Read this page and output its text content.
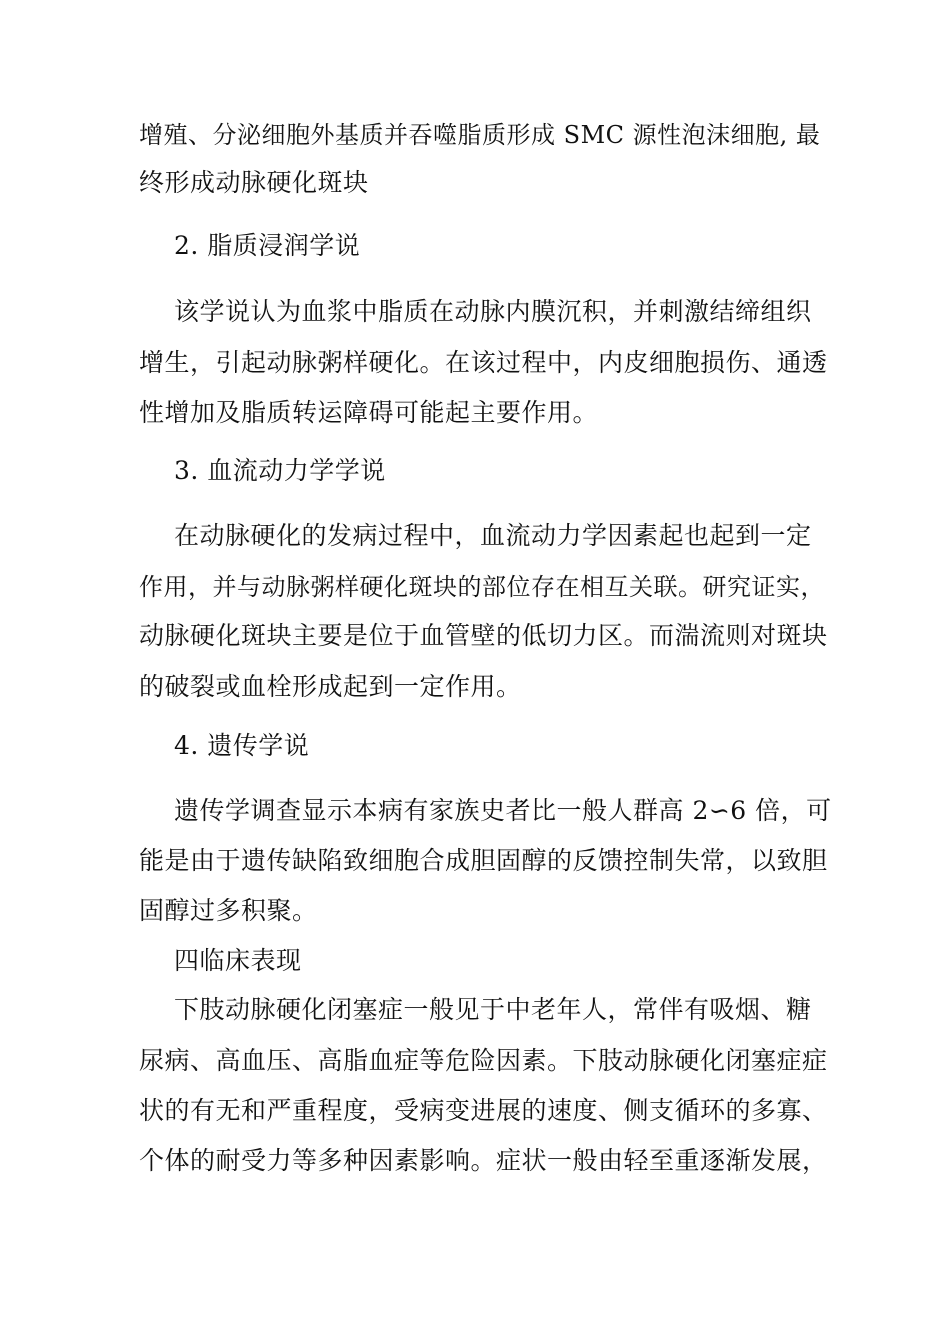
增殖、分泌细胞外基质并吞噬脂质形成 SMC 源性泡沫细胞, 最
终形成动脉硬化斑块
2. 脂质浸润学说
该学说认为血浆中脂质在动脉内膜沉积，并刺激结缔组织
增生，引起动脉粥样硬化。在该过程中，内皮细胞损伤、通透
性增加及脂质转运障碍可能起主要作用。
3. 血流动力学学说
在动脉硬化的发病过程中，血流动力学因素起也起到一定
作用，并与动脉粥样硬化斑块的部位存在相互关联。研究证实，
动脉硬化斑块主要是位于血管壁的低切力区。而湍流则对斑块
的破裂或血栓形成起到一定作用。
4. 遗传学说
遗传学调查显示本病有家族史者比一般人群高 2∽6 倍，可
能是由于遗传缺陷致细胞合成胆固醇的反馈控制失常，以致胆
固醇过多积聚。
四临床表现
下肢动脉硬化闭塞症一般见于中老年人，常伴有吸烟、糖
尿病、高血压、高脂血症等危险因素。下肢动脉硬化闭塞症症
状的有无和严重程度，受病变进展的速度、侧支循环的多寡、
个体的耐受力等多种因素影响。症状一般由轻至重逐渐发展，
